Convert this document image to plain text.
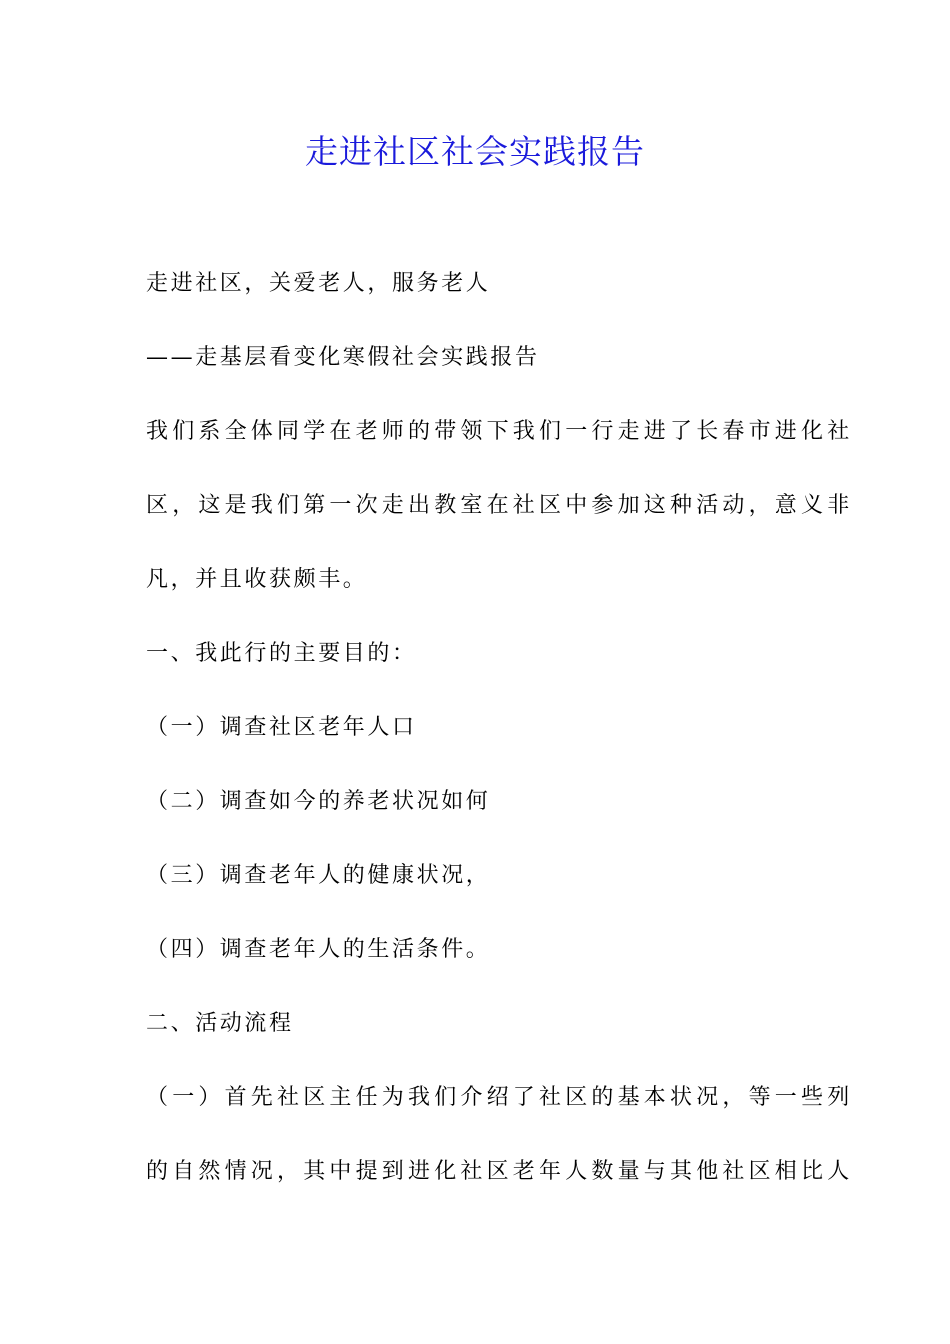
走进社区社会实践报告
走进社区，关爱老人，服务老人
——走基层看变化寒假社会实践报告
我们系全体同学在老师的带领下我们一行走进了长春市进化社
区，这是我们第一次走出教室在社区中参加这种活动，意义非
凡，并且收获颇丰。
一、我此行的主要目的：
（一）调查社区老年人口
（二）调查如今的养老状况如何
（三）调查老年人的健康状况，
（四）调查老年人的生活条件。
二、活动流程
（一）首先社区主任为我们介绍了社区的基本状况，等一些列
的自然情况，其中提到进化社区老年人数量与其他社区相比人
